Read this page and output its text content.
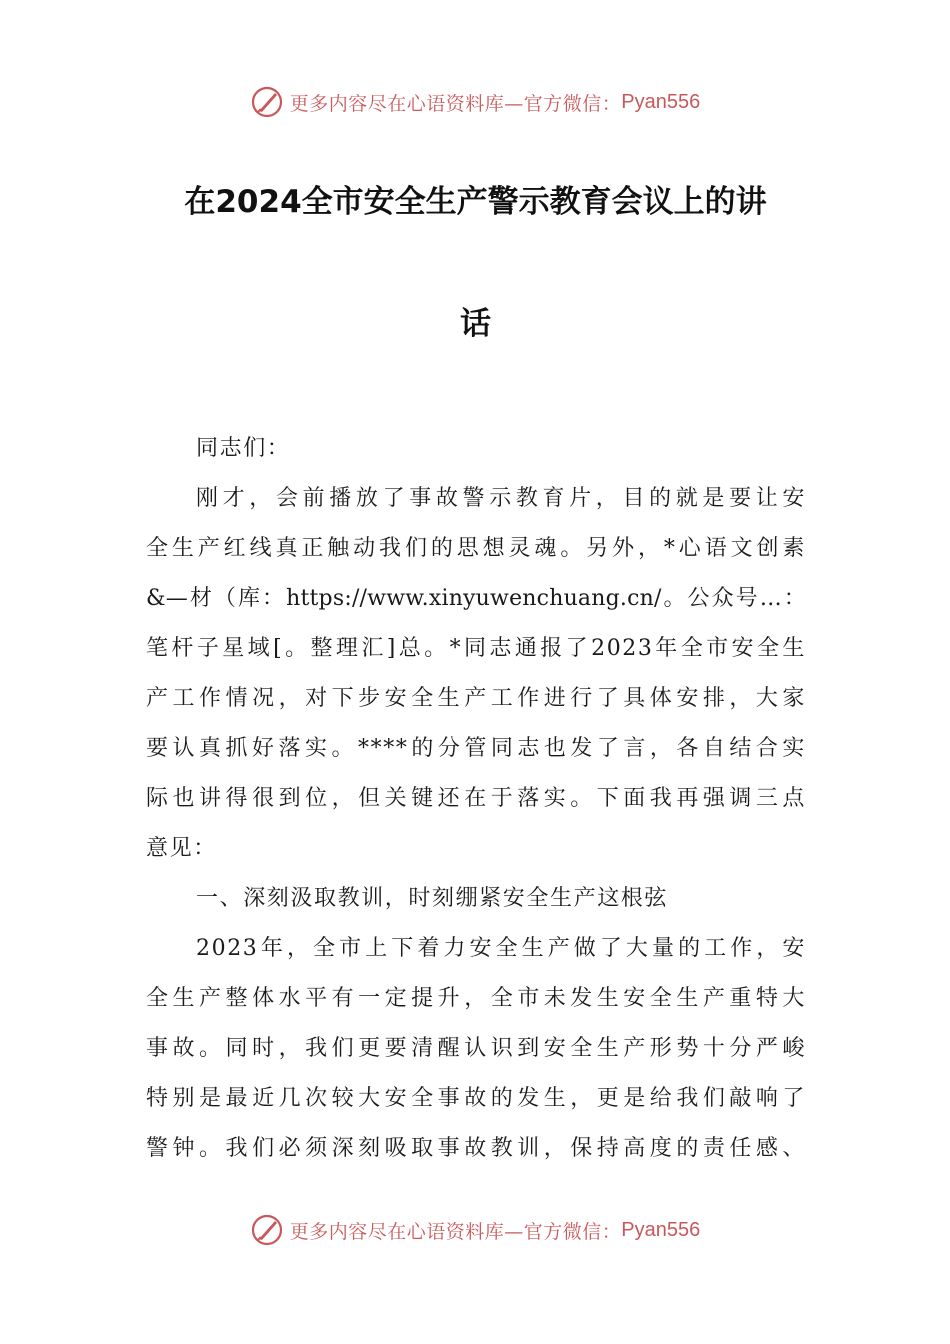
更多内容尽在心语资料库— 官方微信： Pyan556
在2024全市安全生产警示教育会议上的讲
话
同志们：
刚才，会前播放了事故警示教育片，目的就是要让安
全生产红线真正触动我们的思想灵魂。另外，*心语文创素
&—材（库：https://www.xinyuwenchuang.cn/。公众号…：
笔杆子星域[。整理汇]总。*同志通报了2023年全市安全生
产工作情况，对下步安全生产工作进行了具体安排，大家
要认真抓好落实。****的分管同志也发了言，各自结合实
际也讲得很到位，但关键还在于落实。下面我再强调三点
意见：
一、深刻汲取教训，时刻绷紧安全生产这根弦
2023年，全市上下着力安全生产做了大量的工作，安
全生产整体水平有一定提升，全市未发生安全生产重特大
事故。同时，我们更要清醒认识到安全生产形势十分严峻
特别是最近几次较大安全事故的发生，更是给我们敲响了
警钟。我们必须深刻吸取事故教训，保持高度的责任感、
更多内容尽在心语资料库— 官方微信： Pyan556
